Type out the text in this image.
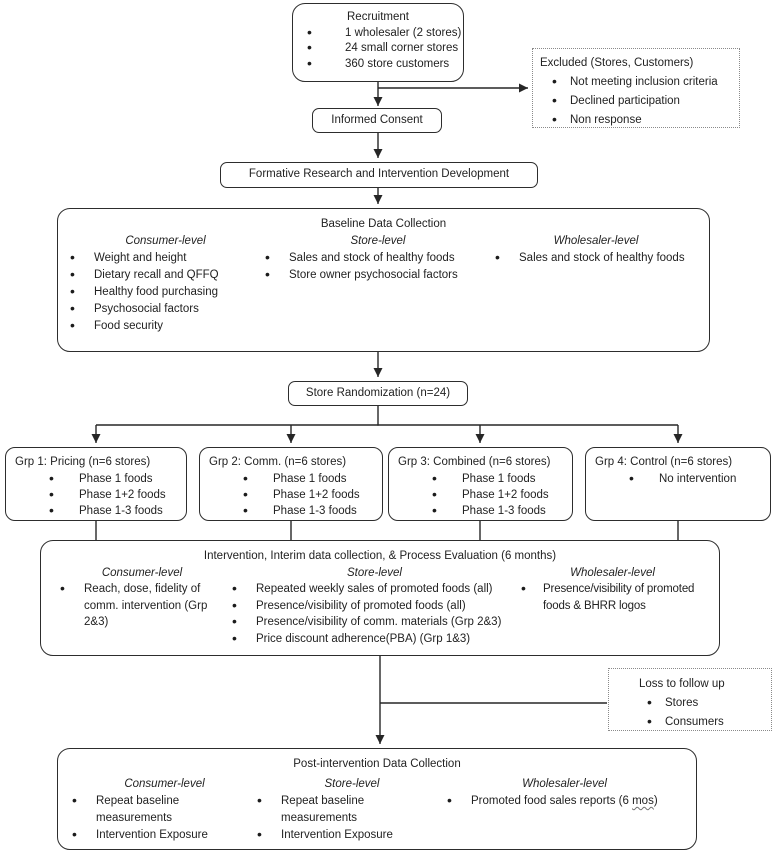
Recruitment
• 1 wholesaler (2 stores)
• 24 small corner stores
• 360 store customers	Excluded (Stores, Customers)
• Not meeting inclusion criteria
• Declined participation
• Non response
Informed Consent
Formative Research and Intervention Development
Baseline Data Collection
Consumer-level
• Weight and height
• Dietary recall and QFFQ
• Healthy food purchasing
• Psychosocial factors
• Food security
Store-level
• Sales and stock of healthy foods
• Store owner psychosocial factors
Wholesaler-level
• Sales and stock of healthy foods
Store Randomization (n=24)
Grp 1: Pricing (n=6 stores)
• Phase 1 foods
• Phase 1+2 foods
• Phase 1-3 foods
Grp 2: Comm. (n=6 stores)
• Phase 1 foods
• Phase 1+2 foods
• Phase 1-3 foods
Grp 3: Combined (n=6 stores)
• Phase 1 foods
• Phase 1+2 foods
• Phase 1-3 foods
Grp 4: Control (n=6 stores)
• No intervention
Intervention, Interim data collection, & Process Evaluation (6 months)
Consumer-level
• Reach, dose, fidelity of comm. intervention (Grp 2&3)
Store-level
• Repeated weekly sales of promoted foods (all)
• Presence/visibility of promoted foods (all)
• Presence/visibility of comm. materials (Grp 2&3)
• Price discount adherence(PBA) (Grp 1&3)
Wholesaler-level
• Presence/visibility of promoted foods & BHRR logos
Loss to follow up
• Stores
• Consumers
Post-intervention Data Collection
Consumer-level
• Repeat baseline measurements
• Intervention Exposure
Store-level
• Repeat baseline measurements
• Intervention Exposure
Wholesaler-level
• Promoted food sales reports (6 mos)
